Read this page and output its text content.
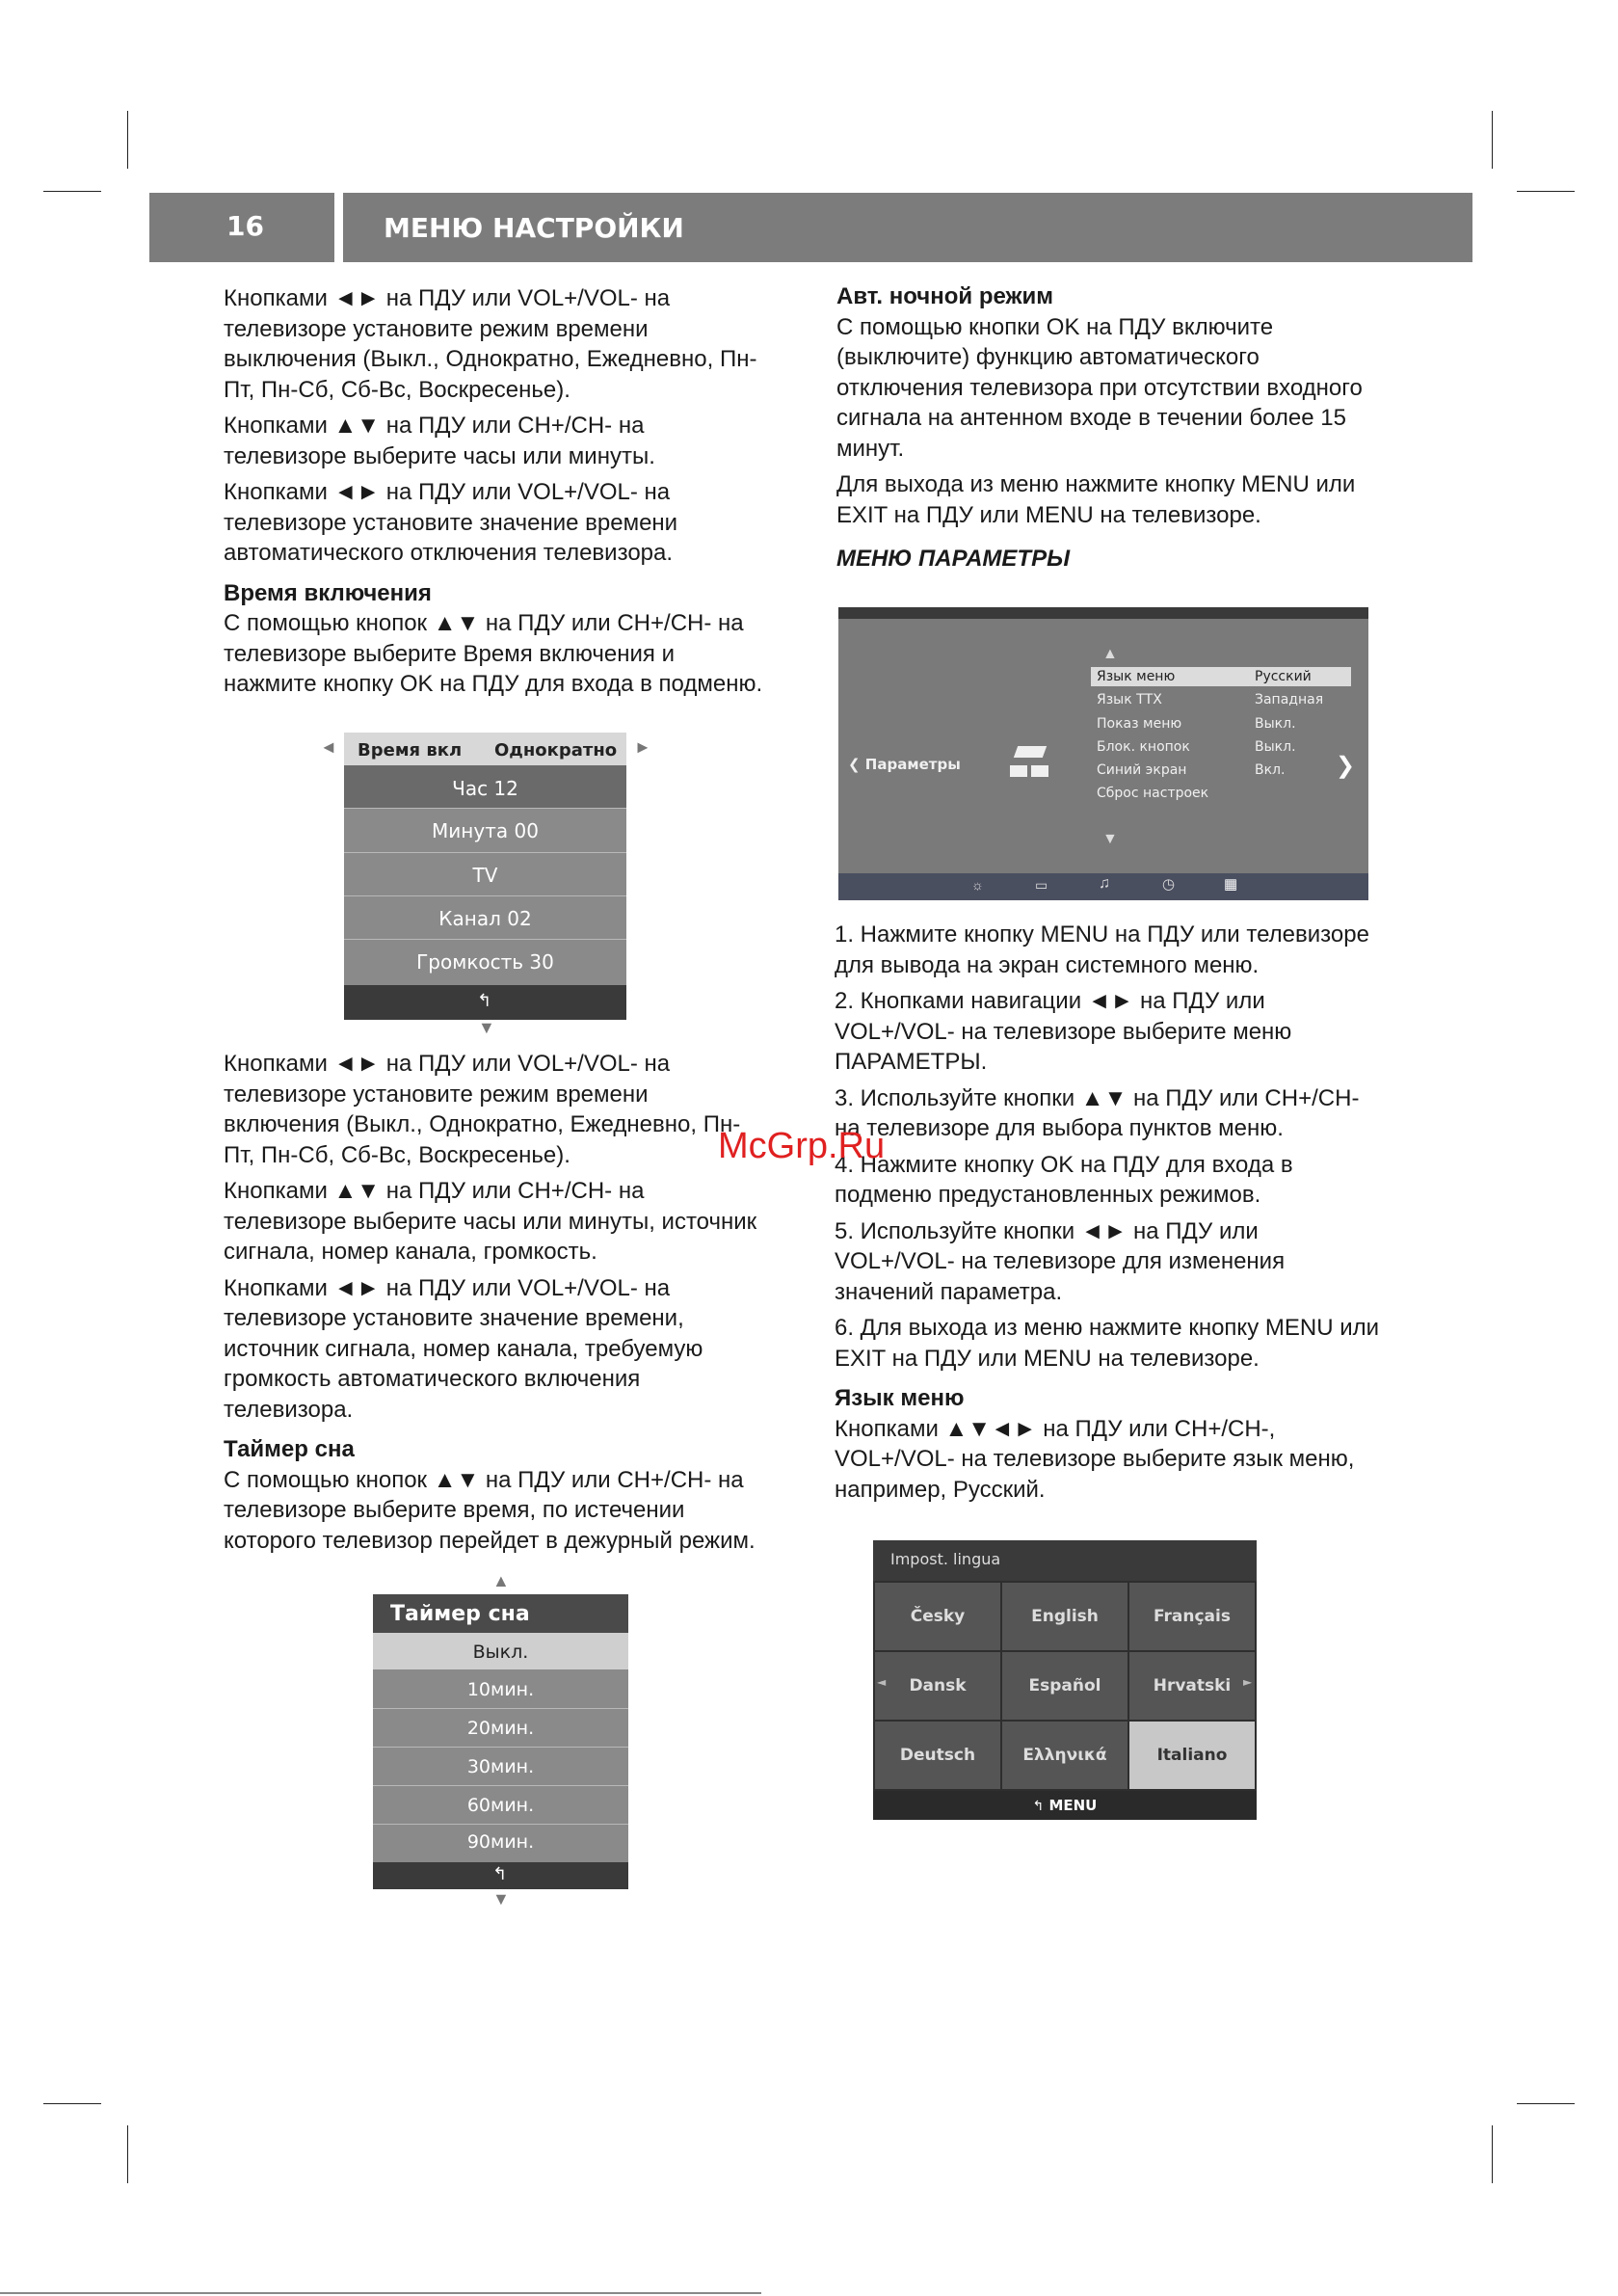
16	МЕНЮ НАСТРОЙКИ

Кнопками ◄► на ПДУ или VOL+/VOL- на телевизоре установите режим времени выключения (Выкл., Однократно, Ежедневно, Пн-Пт, Пн-Сб, Сб-Вс, Воскресенье).

Кнопками ▲▼ на ПДУ или CH+/CH- на телевизоре выберите часы или минуты.

Кнопками ◄► на ПДУ или VOL+/VOL- на телевизоре установите значение времени автоматического отключения телевизора.

Время включения

С помощью кнопок ▲▼ на ПДУ или CH+/CH- на телевизоре выберите Время включения и нажмите кнопку OK на ПДУ для входа в подменю.

◄	►
Время вкл Однократно
Час 12
Минута 00
TV
Канал 02
Громкость 30
↰
▼

Кнопками ◄► на ПДУ или VOL+/VOL- на телевизоре установите режим времени включения (Выкл., Однократно, Ежедневно, Пн-Пт, Пн-Сб, Сб-Вс, Воскресенье).

Кнопками ▲▼ на ПДУ или CH+/CH- на телевизоре выберите часы или минуты, источник сигнала, номер канала, громкость.

Кнопками ◄► на ПДУ или VOL+/VOL- на телевизоре установите значение времени, источник сигнала, номер канала, требуемую громкость автоматического включения телевизора.

Таймер сна

С помощью кнопок ▲▼ на ПДУ или CH+/CH- на телевизоре выберите время, по истечении которого телевизор перейдет в дежурный режим.

▲
Таймер сна
Выкл.
10мин.
20мин.
30мин.
60мин.
90мин.
↰
▼
Авт. ночной режим

С помощью кнопки OK на ПДУ включите (выключите) функцию автоматического отключения телевизора при отсутствии входного сигнала на антенном входе в течении более 15 минут.

Для выхода из меню нажмите кнопку MENU или EXIT на ПДУ или MENU на телевизоре.

МЕНЮ ПАРАМЕТРЫ
▲
❮ Параметры
Язык меню	Русский
Язык ТТХ	Западная
Показ меню	Выкл.
Блок. кнопок	Выкл.
Синий экран	Вкл.
Сброс настроек
❯
▼
☼	▭	♫	◷	▦

1. Нажмите кнопку MENU на ПДУ или телевизоре для вывода на экран системного меню.

2. Кнопками навигации ◄► на ПДУ или VOL+/VOL- на телевизоре выберите меню ПАРАМЕТРЫ.

3. Используйте кнопки ▲▼ на ПДУ или CH+/CH- на телевизоре для выбора пунктов меню.

4. Нажмите кнопку OK на ПДУ для входа в подменю предустановленных режимов.

5. Используйте кнопки ◄► на ПДУ или VOL+/VOL- на телевизоре для изменения значений параметра.

6. Для выхода из меню нажмите кнопку MENU или EXIT на ПДУ или MENU на телевизоре.

Язык меню

Кнопками ▲▼◄► на ПДУ или CH+/CH-, VOL+/VOL- на телевизоре выберите язык меню, например, Русский.

Impost. lingua
Česky	English	Français
Dansk	Español	Hrvatski
Deutsch	Ελληνικά	Italiano
◄	►
↰ MENU
McGrp.Ru
